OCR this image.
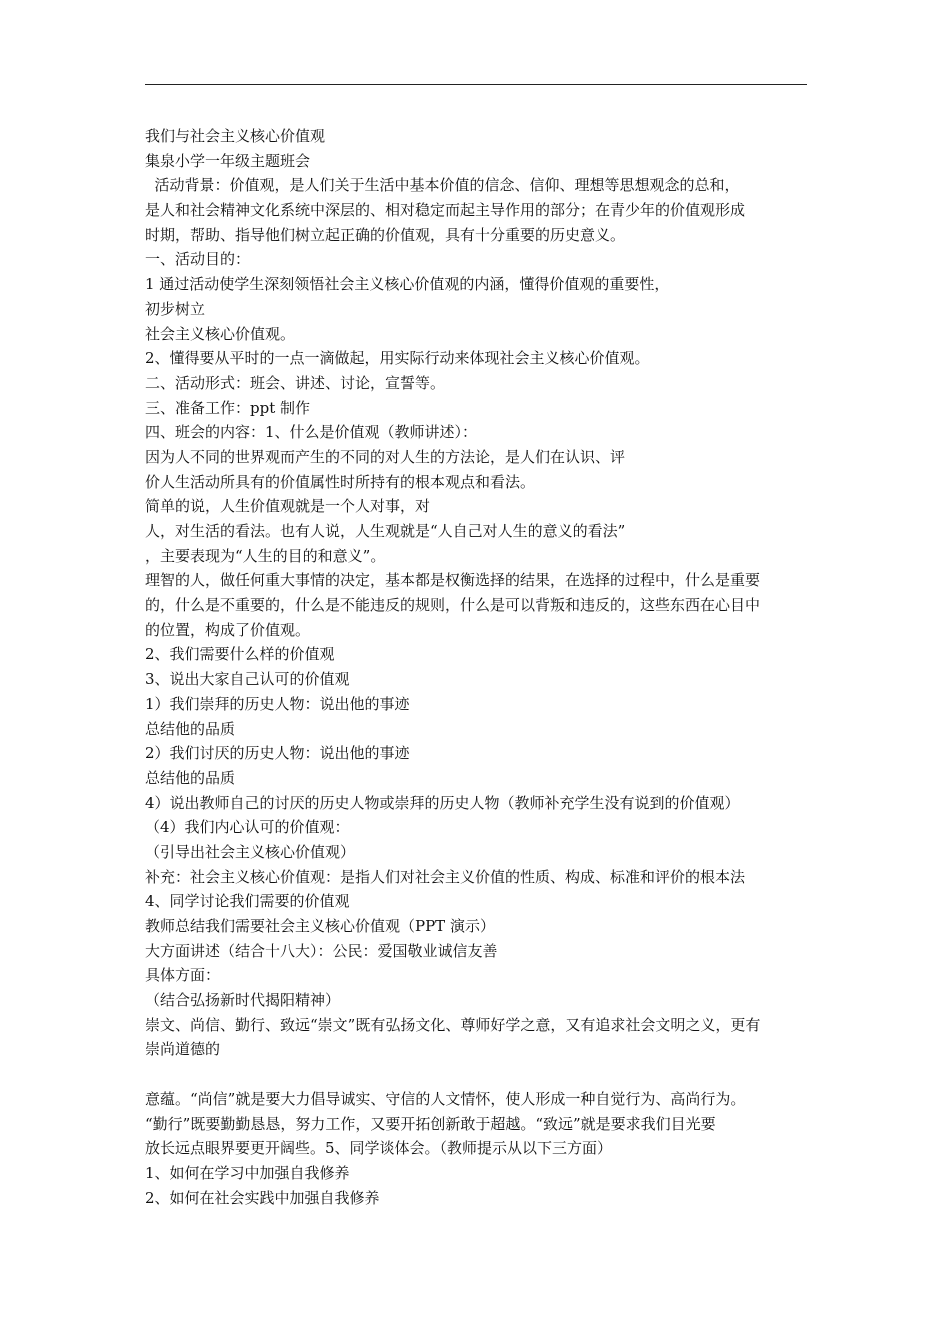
我们与社会主义核心价值观
集泉小学一年级主题班会
活动背景：价值观，是人们关于生活中基本价值的信念、信仰、理想等思想观念的总和，
是人和社会精神文化系统中深层的、相对稳定而起主导作用的部分；在青少年的价值观形成
时期，帮助、指导他们树立起正确的价值观，具有十分重要的历史意义。
一、活动目的：
1 通过活动使学生深刻领悟社会主义核心价值观的内涵，懂得价值观的重要性，
初步树立
社会主义核心价值观。
2、懂得要从平时的一点一滴做起，用实际行动来体现社会主义核心价值观。
二、活动形式：班会、讲述、讨论，宣誓等。
三、准备工作：ppt 制作
四、班会的内容：1、什么是价值观（教师讲述）：
因为人不同的世界观而产生的不同的对人生的方法论，是人们在认识、评
价人生活动所具有的价值属性时所持有的根本观点和看法。
简单的说，人生价值观就是一个人对事，对
人，对生活的看法。也有人说，人生观就是“人自己对人生的意义的看法”
，主要表现为“人生的目的和意义”。
理智的人，做任何重大事情的决定，基本都是权衡选择的结果，在选择的过程中，什么是重要
的，什么是不重要的，什么是不能违反的规则，什么是可以背叛和违反的，这些东西在心目中
的位置，构成了价值观。
2、我们需要什么样的价值观
3、说出大家自己认可的价值观
1）我们崇拜的历史人物：说出他的事迹
总结他的品质
2）我们讨厌的历史人物：说出他的事迹
总结他的品质
4）说出教师自己的讨厌的历史人物或崇拜的历史人物（教师补充学生没有说到的价值观）
（4）我们内心认可的价值观：
（引导出社会主义核心价值观）
补充：社会主义核心价值观：是指人们对社会主义价值的性质、构成、标准和评价的根本法
4、同学讨论我们需要的价值观
教师总结我们需要社会主义核心价值观（PPT 演示）
大方面讲述（结合十八大）：公民：爱国敬业诚信友善
具体方面：
（结合弘扬新时代揭阳精神）
崇文、尚信、勤行、致远“崇文”既有弘扬文化、尊师好学之意，又有追求社会文明之义，更有
崇尚道德的
意蕴。“尚信”就是要大力倡导诚实、守信的人文情怀，使人形成一种自觉行为、高尚行为。
“勤行”既要勤勤恳恳，努力工作，又要开拓创新敢于超越。“致远”就是要求我们目光要
放长远点眼界要更开阔些。5、同学谈体会。（教师提示从以下三方面）
1、如何在学习中加强自我修养
2、如何在社会实践中加强自我修养
